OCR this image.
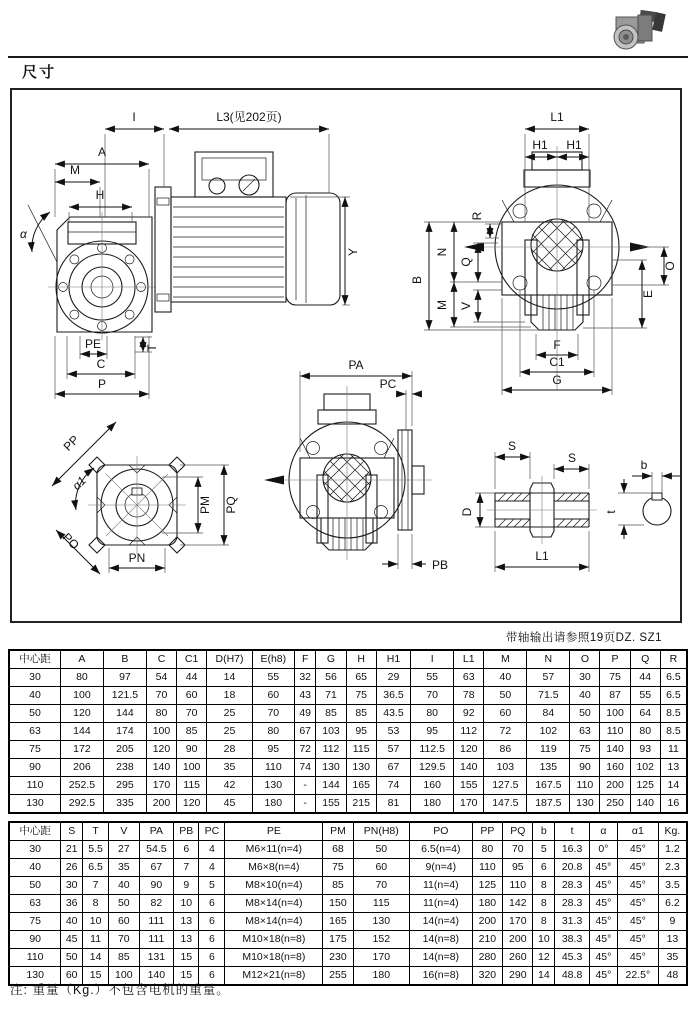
尺寸
I	L3(见202页)
A
M
H
α
Y
PE
C
P
T
L1
H1 H1
B
N
M
Q
V
R
O
E
F
C1
G
PA
PC
PB
PP
α1
PO
PM PQ
PN
S
S
D
L1
b
t
带轴输出请参照19页DZ. SZ1
中心距	A	B	C	C1	D(H7)	E(h8)	F	G	H	H1	I	L1	M	N	O	P	Q	R
30	80	97	54	44	14	55	32	56	65	29	55	63	40	57	30	75	44	6.5
40	100	121.5	70	60	18	60	43	71	75	36.5	70	78	50	71.5	40	87	55	6.5
50	120	144	80	70	25	70	49	85	85	43.5	80	92	60	84	50	100	64	8.5
63	144	174	100	85	25	80	67	103	95	53	95	112	72	102	63	110	80	8.5
75	172	205	120	90	28	95	72	112	115	57	112.5	120	86	119	75	140	93	11
90	206	238	140	100	35	110	74	130	130	67	129.5	140	103	135	90	160	102	13
110	252.5	295	170	115	42	130	-	144	165	74	160	155	127.5	167.5	110	200	125	14
130	292.5	335	200	120	45	180	-	155	215	81	180	170	147.5	187.5	130	250	140	16
中心距	S	T	V	PA	PB	PC	PE	PM	PN(H8)	PO	PP	PQ	b	t	α	α1	Kg.
30	21	5.5	27	54.5	6	4	M6×11(n=4)	68	50	6.5(n=4)	80	70	5	16.3	0°	45°	1.2
40	26	6.5	35	67	7	4	M6×8(n=4)	75	60	9(n=4)	110	95	6	20.8	45°	45°	2.3
50	30	7	40	90	9	5	M8×10(n=4)	85	70	11(n=4)	125	110	8	28.3	45°	45°	3.5
63	36	8	50	82	10	6	M8×14(n=4)	150	115	11(n=4)	180	142	8	28.3	45°	45°	6.2
75	40	10	60	111	13	6	M8×14(n=4)	165	130	14(n=4)	200	170	8	31.3	45°	45°	9
90	45	11	70	111	13	6	M10×18(n=8)	175	152	14(n=8)	210	200	10	38.3	45°	45°	13
110	50	14	85	131	15	6	M10×18(n=8)	230	170	14(n=8)	280	260	12	45.3	45°	45°	35
130	60	15	100	140	15	6	M12×21(n=8)	255	180	16(n=8)	320	290	14	48.8	45°	22.5°	48
注: 重量（Kg.）不包含电机的重量。
